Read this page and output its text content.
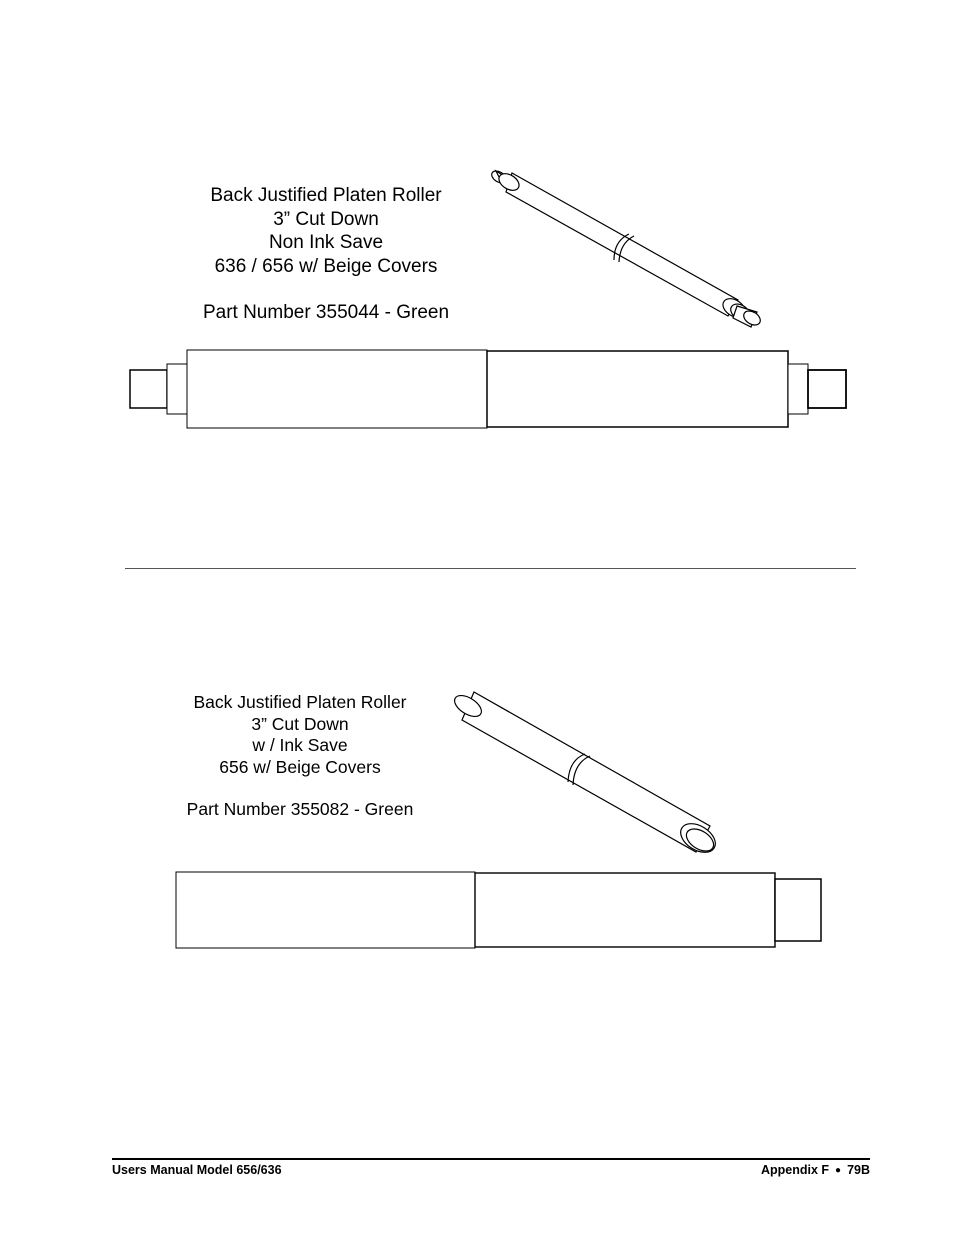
Back Justified Platen Roller
3” Cut Down
Non Ink Save
636 / 656 w/ Beige Covers
Part Number 355044 - Green
Back Justified Platen Roller
3” Cut Down
w / Ink Save
656 w/ Beige Covers
Part Number 355082 - Green
Users Manual Model 656/636	Appendix F ● 79B
